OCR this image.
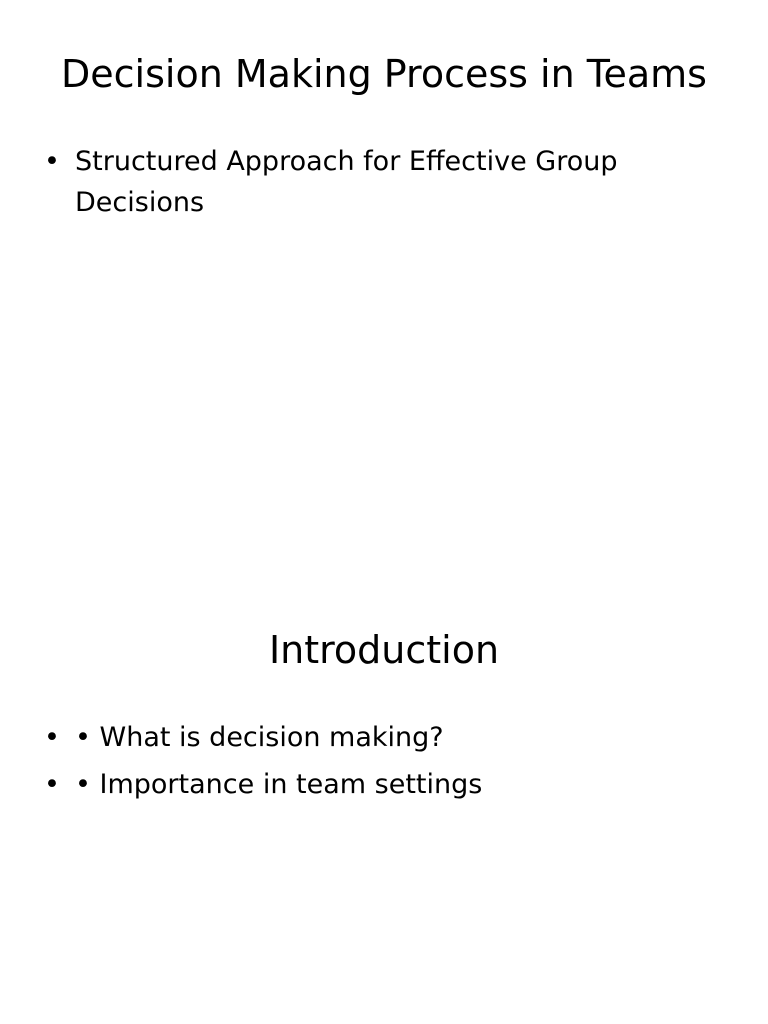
Decision Making Process in Teams
• Structured Approach for Effective Group Decisions
Introduction
• • What is decision making?
• • Importance in team settings
